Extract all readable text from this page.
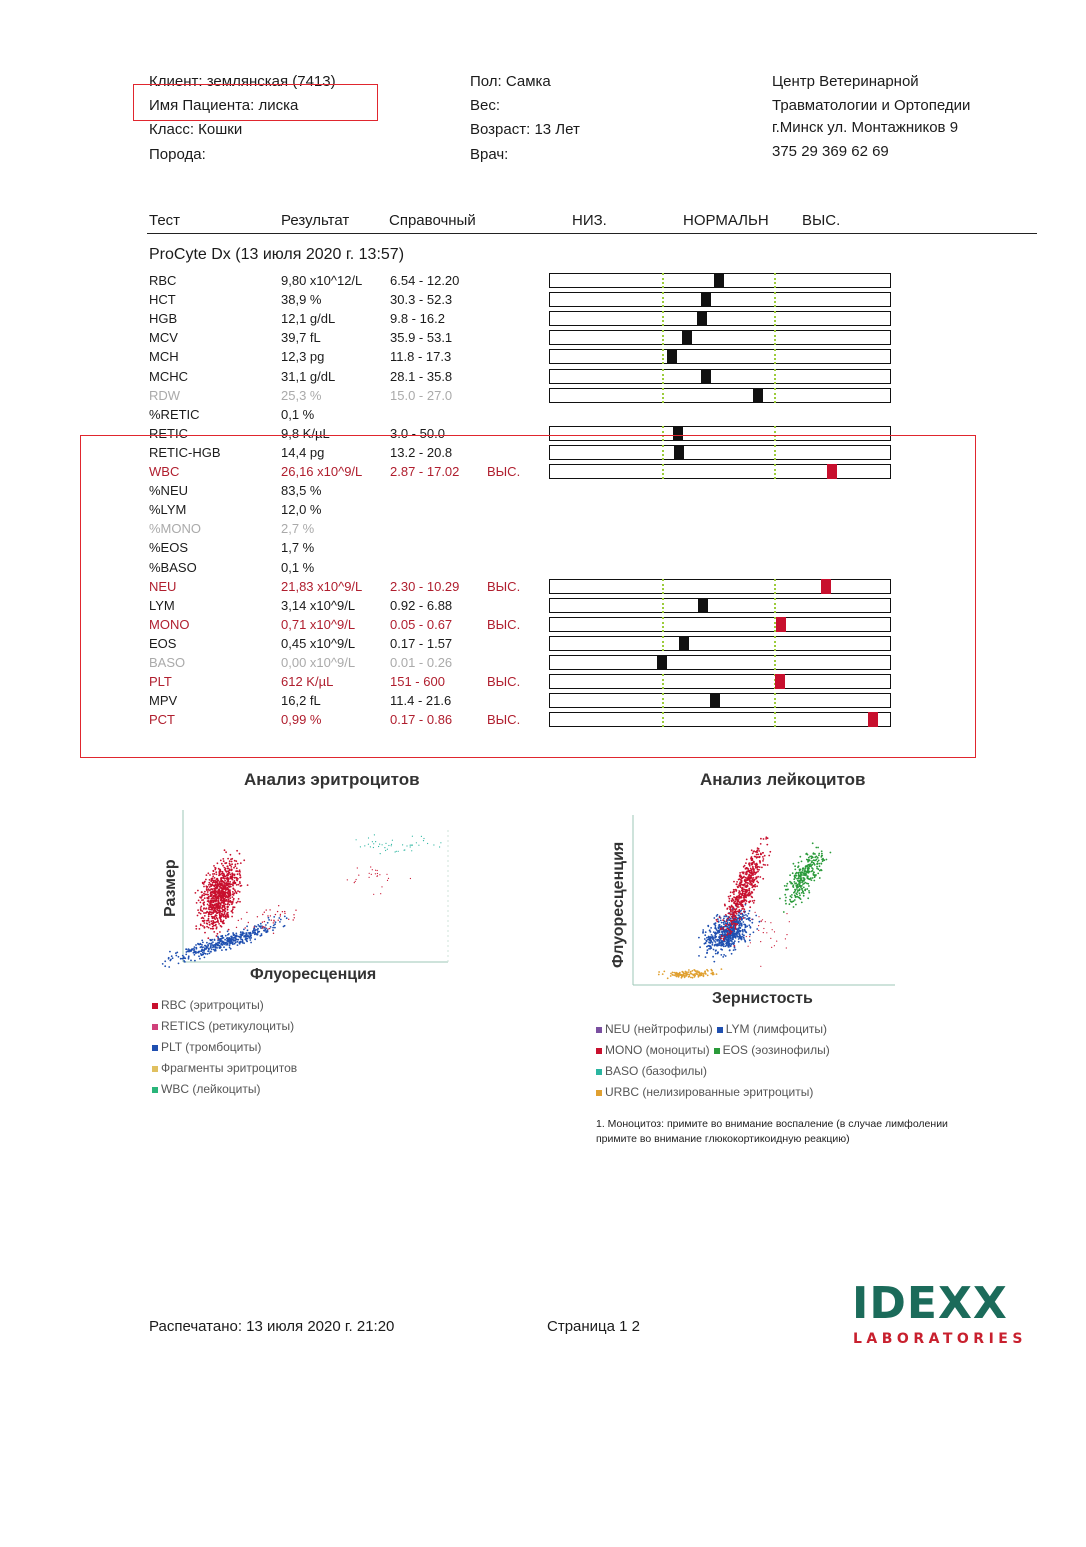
Клиент: землянская (7413)
Имя Пациента: лиска
Класс: Кошки
Порода:
Пол: Самка
Вес:
Возраст: 13 Лет
Врач:
Центр Ветеринарной
Травматологии и Ортопедии
г.Минск ул. Монтажников 9
375 29 369 62 69
Тест	Результат	Справочный	НИЗ.	НОРМАЛЬН ВЫС.
ProCyte Dx (13 июля 2020 г. 13:57)
RBC	9,80 x10^12/L 6.54 - 12.20
HCT	38,9 %	30.3 - 52.3
HGB	12,1 g/dL	9.8 - 16.2
MCV	39,7 fL	35.9 - 53.1
MCH	12,3 pg	11.8 - 17.3
MCHC	31,1 g/dL	28.1 - 35.8
RDW	25,3 %	15.0 - 27.0
%RETIC	0,1 %
RETIC	9,8 K/µL	3.0 - 50.0
RETIC-HGB	14,4 pg	13.2 - 20.8
WBC	26,16 x10^9/L 2.87 - 17.02 ВЫС.
%NEU	83,5 %
%LYM	12,0 %
%MONO	2,7 %
%EOS	1,7 %
%BASO	0,1 %
NEU	21,83 x10^9/L 2.30 - 10.29 ВЫС.
LYM	3,14 x10^9/L	0.92 - 6.88
MONO	0,71 x10^9/L	0.05 - 0.67	ВЫС.
EOS	0,45 x10^9/L	0.17 - 1.57
BASO	0,00 x10^9/L	0.01 - 0.26
PLT	612 K/µL	151 - 600	ВЫС.
MPV	16,2 fL	11.4 - 21.6
PCT	0,99 %	0.17 - 0.86	ВЫС.
Анализ эритроцитов
Размер
Флуоресценция
RBC (эритроциты)
RETICS (ретикулоциты)
PLT (тромбоциты)
Фрагменты эритроцитов
WBC (лейкоциты)
Анализ лейкоцитов
Флуоресценция
Зернистость
NEU (нейтрофилы) LYM (лимфоциты)
MONO (моноциты) EOS (эозинофилы)
BASO (базофилы)
URBC (нелизированные эритроциты)
1. Моноцитоз: примите во внимание воспаление (в случае лимфолении
примите во внимание глюкокортикоидную реакцию)
Распечатано: 13 июля 2020 г. 21:20	Страница 1 2	IDEXX
LABORATORIES
